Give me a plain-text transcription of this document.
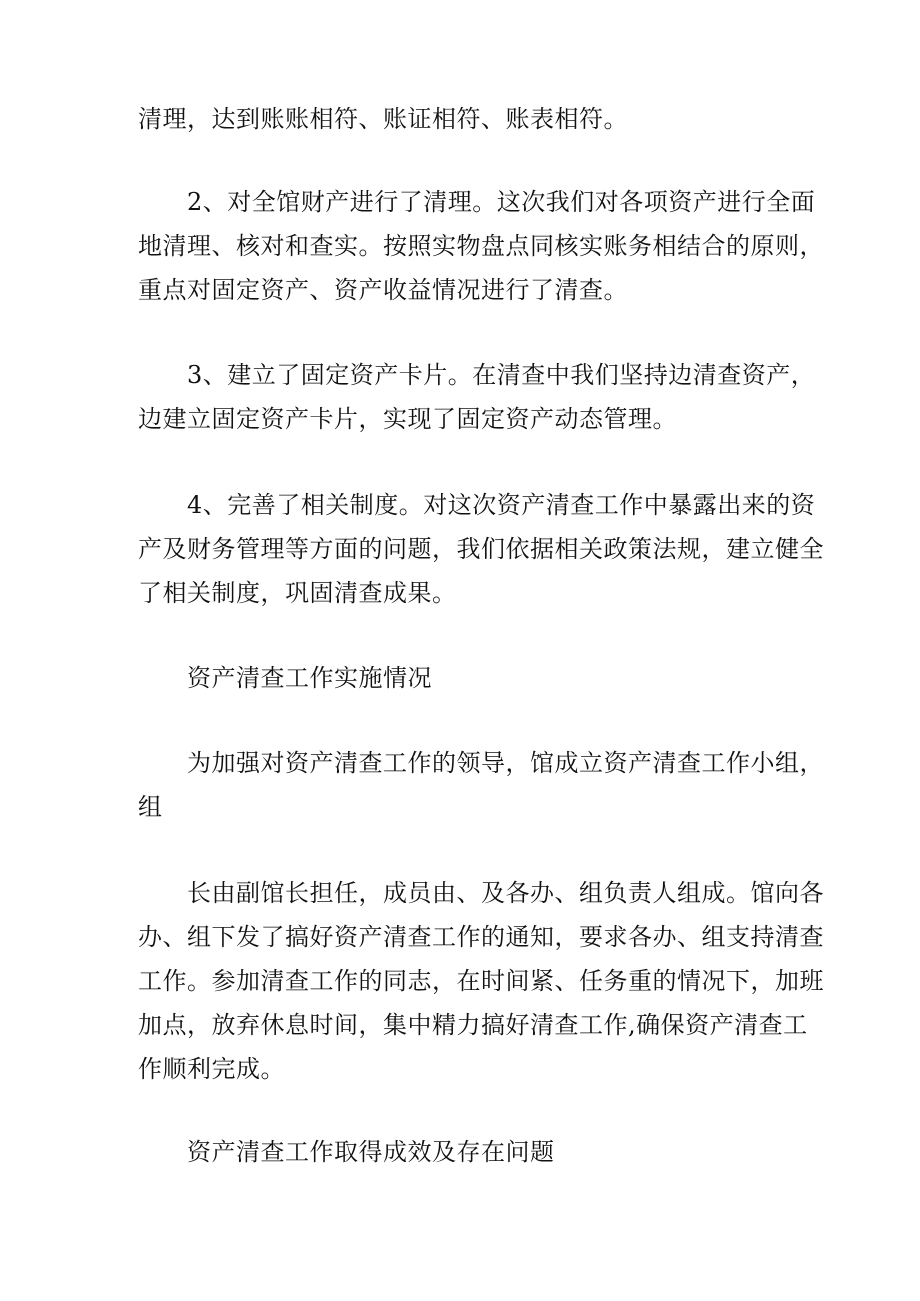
清理，达到账账相符、账证相符、账表相符。
2、对全馆财产进行了清理。这次我们对各项资产进行全面
地清理、核对和查实。按照实物盘点同核实账务相结合的原则，
重点对固定资产、资产收益情况进行了清查。
3、建立了固定资产卡片。在清查中我们坚持边清查资产，
边建立固定资产卡片，实现了固定资产动态管理。
4、完善了相关制度。对这次资产清查工作中暴露出来的资
产及财务管理等方面的问题，我们依据相关政策法规，建立健全
了相关制度，巩固清查成果。
资产清查工作实施情况
为加强对资产清查工作的领导，馆成立资产清查工作小组，
组
长由副馆长担任，成员由、及各办、组负责人组成。馆向各
办、组下发了搞好资产清查工作的通知，要求各办、组支持清查
工作。参加清查工作的同志，在时间紧、任务重的情况下，加班
加点，放弃休息时间，集中精力搞好清查工作,确保资产清查工
作顺利完成。
资产清查工作取得成效及存在问题
